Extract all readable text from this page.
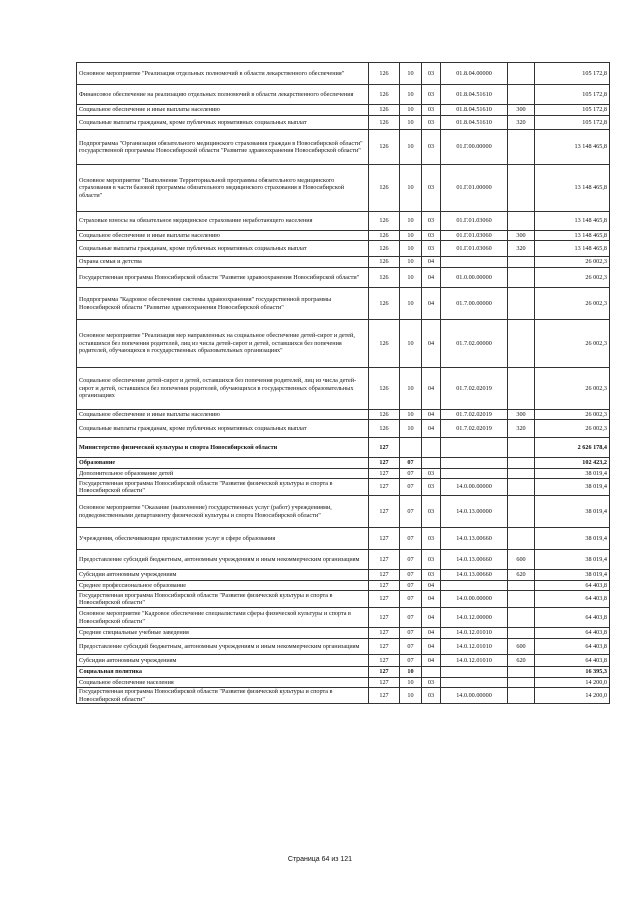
Основное мероприятие "Реализация отдельных полномочий в области лекарственного обеспечения"	126	10	03	01.8.04.00000		105 172,8
Финансовое обеспечение на реализацию отдельных полномочий в области лекарственного обеспечения	126	10	03	01.8.04.51610		105 172,8
Социальное обеспечение и иные выплаты населению	126	10	03	01.8.04.51610	300	105 172,8
Социальные выплаты гражданам, кроме публичных нормативных социальных выплат	126	10	03	01.8.04.51610	320	105 172,8
Подпрограмма "Организация обязательного медицинского страхования граждан в Новосибирской области" государственной программы Новосибирской области "Развитие здравоохранения Новосибирской области"	126	10	03	01.Г.00.00000		13 148 465,8
Основное мероприятие "Выполнение Территориальной программы обязательного медицинского страхования в части базовой программы обязательного медицинского страхования в Новосибирской области"	126	10	03	01.Г.01.00000		13 148 465,8
Страховые взносы на обязательное медицинское страхование неработающего населения	126	10	03	01.Г.01.03060		13 148 465,8
Социальное обеспечение и иные выплаты населению	126	10	03	01.Г.01.03060	300	13 148 465,8
Социальные выплаты гражданам, кроме публичных нормативных социальных выплат	126	10	03	01.Г.01.03060	320	13 148 465,8
Охрана семьи и детства	126	10	04			26 002,3
Государственная программа Новосибирской области "Развитие здравоохранения Новосибирской области"	126	10	04	01.0.00.00000		26 002,3
Подпрограмма "Кадровое обеспечение системы здравоохранения" государственной программы Новосибирской области "Развитие здравоохранения Новосибирской области"	126	10	04	01.7.00.00000		26 002,3
Основное мероприятие "Реализация мер направленных на социальное обеспечение детей-сирот и детей, оставшихся без попечения родителей, лиц из числа детей-сирот и детей, оставшихся без попечения родителей, обучающихся в государственных образовательных организациях"	126	10	04	01.7.02.00000		26 002,3
Социальное обеспечение детей-сирот и детей, оставшихся без попечения родителей, лиц из числа детей-сирот и детей, оставшихся без попечения родителей, обучающихся в государственных образовательных организациях	126	10	04	01.7.02.02019		26 002,3
Социальное обеспечение и иные выплаты населению	126	10	04	01.7.02.02019	300	26 002,3
Социальные выплаты гражданам, кроме публичных нормативных социальных выплат	126	10	04	01.7.02.02019	320	26 002,3
Министерство физической культуры и спорта Новосибирской области	127					2 626 178,4
Образование	127	07				102 423,2
Дополнительное образование детей	127	07	03			38 019,4
Государственная программа Новосибирской области "Развитие физической культуры и спорта в Новосибирской области"	127	07	03	14.0.00.00000		38 019,4
Основное мероприятие "Оказание (выполнение) государственных услуг (работ) учреждениями, подведомственными департаменту физической культуры и спорта Новосибирской области"	127	07	03	14.0.13.00000		38 019,4
Учреждения, обеспечивающие предоставление услуг в сфере образования	127	07	03	14.0.13.00660		38 019,4
Предоставление субсидий бюджетным, автономным учреждениям и иным некоммерческим организациям	127	07	03	14.0.13.00660	600	38 019,4
Субсидии автономным учреждениям	127	07	03	14.0.13.00660	620	38 019,4
Среднее профессиональное образование	127	07	04			64 403,8
Государственная программа Новосибирской области "Развитие физической культуры и спорта в Новосибирской области"	127	07	04	14.0.00.00000		64 403,8
Основное мероприятие "Кадровое обеспечение специалистами сферы физической культуры и спорта в Новосибирской области"	127	07	04	14.0.12.00000		64 403,8
Средние специальные учебные заведения	127	07	04	14.0.12.01010		64 403,8
Предоставление субсидий бюджетным, автономным учреждениям и иным некоммерческим организациям	127	07	04	14.0.12.01010	600	64 403,8
Субсидии автономным учреждениям	127	07	04	14.0.12.01010	620	64 403,8
Социальная политика	127	10				16 395,3
Социальное обеспечение населения	127	10	03			14 200,0
Государственная программа Новосибирской области "Развитие физической культуры и спорта в Новосибирской области"	127	10	03	14.0.00.00000		14 200,0
Страница 64 из 121
